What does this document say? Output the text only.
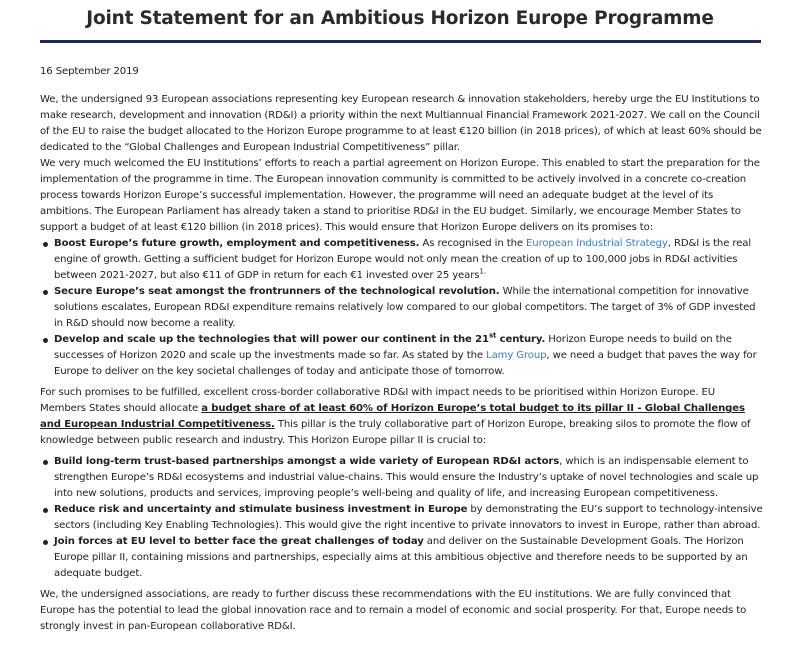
Joint Statement for an Ambitious Horizon Europe Programme

16 September 2019

We, the undersigned 93 European associations representing key European research & innovation stakeholders, hereby urge the EU Institutions to make research, development and innovation (RD&I) a priority within the next Multiannual Financial Framework 2021-2027. We call on the Council of the EU to raise the budget allocated to the Horizon Europe programme to at least €120 billion (in 2018 prices), of which at least 60% should be dedicated to the “Global Challenges and European Industrial Competitiveness” pillar.

We very much welcomed the EU Institutions’ efforts to reach a partial agreement on Horizon Europe. This enabled to start the preparation for the implementation of the programme in time. The European innovation community is committed to be actively involved in a concrete co-creation process towards Horizon Europe’s successful implementation. However, the programme will need an adequate budget at the level of its ambitions. The European Parliament has already taken a stand to prioritise RD&I in the EU budget. Similarly, we encourage Member States to support a budget of at least €120 billion (in 2018 prices). This would ensure that Horizon Europe delivers on its promises to:

Boost Europe’s future growth, employment and competitiveness. As recognised in the European Industrial Strategy, RD&I is the real engine of growth. Getting a sufficient budget for Horizon Europe would not only mean the creation of up to 100,000 jobs in RD&I activities between 2021-2027, but also €11 of GDP in return for each €1 invested over 25 years$^{1.}$
Secure Europe’s seat amongst the frontrunners of the technological revolution. While the international competition for innovative solutions escalates, European RD&I expenditure remains relatively low compared to our global competitors. The target of 3% of GDP invested in R&D should now become a reality.
Develop and scale up the technologies that will power our continent in the 21st century. Horizon Europe needs to build on the successes of Horizon 2020 and scale up the investments made so far. As stated by the Lamy Group, we need a budget that paves the way for Europe to deliver on the key societal challenges of today and anticipate those of tomorrow.

For such promises to be fulfilled, excellent cross-border collaborative RD&I with impact needs to be prioritised within Horizon Europe. EU Members States should allocate a budget share of at least 60% of Horizon Europe’s total budget to its pillar II - Global Challenges and European Industrial Competitiveness. This pillar is the truly collaborative part of Horizon Europe, breaking silos to promote the flow of knowledge between public research and industry. This Horizon Europe pillar II is crucial to:

Build long-term trust-based partnerships amongst a wide variety of European RD&I actors, which is an indispensable element to strengthen Europe’s RD&I ecosystems and industrial value-chains. This would ensure the Industry’s uptake of novel technologies and scale up into new solutions, products and services, improving people’s well-being and quality of life, and increasing European competitiveness.
Reduce risk and uncertainty and stimulate business investment in Europe by demonstrating the EU’s support to technology-intensive sectors (including Key Enabling Technologies). This would give the right incentive to private innovators to invest in Europe, rather than abroad.
Join forces at EU level to better face the great challenges of today and deliver on the Sustainable Development Goals. The Horizon Europe pillar II, containing missions and partnerships, especially aims at this ambitious objective and therefore needs to be supported by an adequate budget.

We, the undersigned associations, are ready to further discuss these recommendations with the EU institutions. We are fully convinced that Europe has the potential to lead the global innovation race and to remain a model of economic and social prosperity. For that, Europe needs to strongly invest in pan-European collaborative RD&I.
